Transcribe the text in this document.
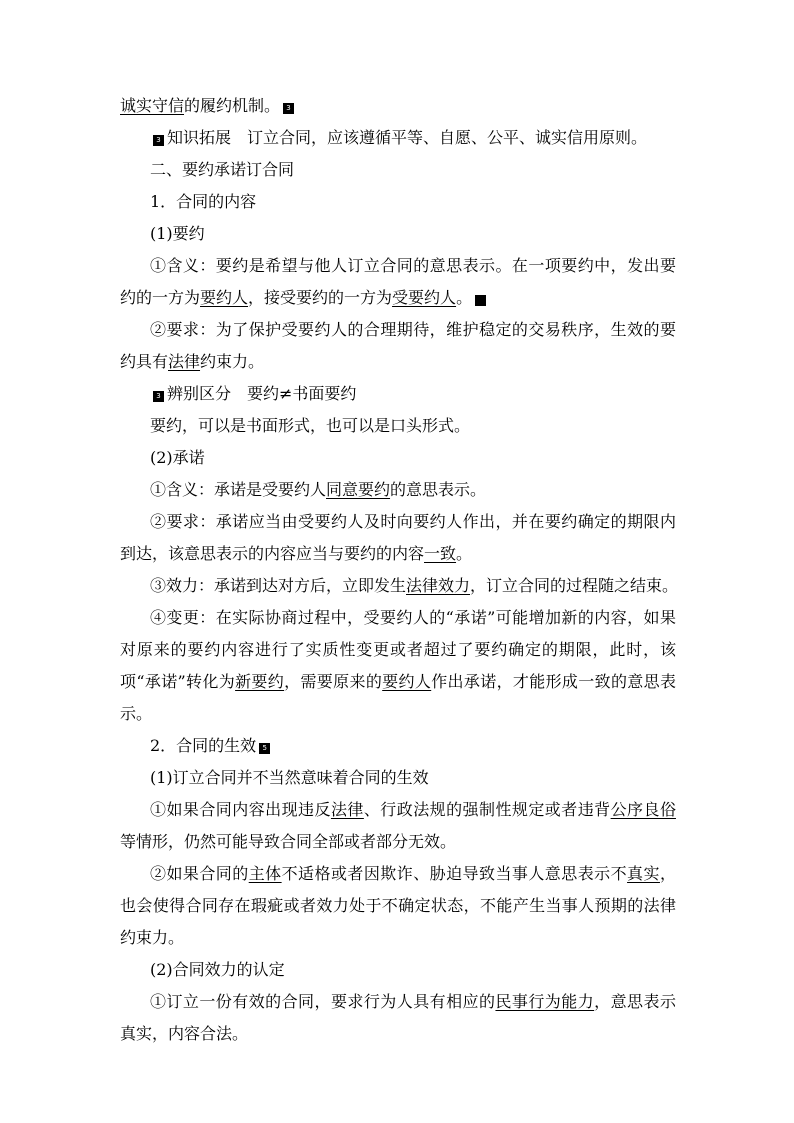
诚实守信的履约机制。 3

3 知识拓展 订立合同，应该遵循平等、自愿、公平、诚实信用原则。

二、要约承诺订合同

1．合同的内容

(1)要约

①含义：要约是希望与他人订立合同的意思表示。在一项要约中，发出要约的一方为要约人，接受要约的一方为受要约人。	4

②要求：为了保护受要约人的合理期待，维护稳定的交易秩序，生效的要约具有法律约束力。

3 辨别区分 要约≠书面要约

要约，可以是书面形式，也可以是口头形式。

(2)承诺

①含义：承诺是受要约人同意要约的意思表示。

②要求：承诺应当由受要约人及时向要约人作出，并在要约确定的期限内到达，该意思表示的内容应当与要约的内容一致。

③效力：承诺到达对方后，立即发生法律效力，订立合同的过程随之结束。

④变更：在实际协商过程中，受要约人的“承诺”可能增加新的内容，如果对原来的要约内容进行了实质性变更或者超过了要约确定的期限，此时，该项“承诺”转化为新要约，需要原来的要约人作出承诺，才能形成一致的意思表示。

2．合同的生效 5

(1)订立合同并不当然意味着合同的生效

①如果合同内容出现违反法律、行政法规的强制性规定或者违背公序良俗等情形，仍然可能导致合同全部或者部分无效。

②如果合同的主体不适格或者因欺诈、胁迫导致当事人意思表示不真实，也会使得合同存在瑕疵或者效力处于不确定状态，不能产生当事人预期的法律约束力。

(2)合同效力的认定

①订立一份有效的合同，要求行为人具有相应的民事行为能力，意思表示真实，内容合法。
